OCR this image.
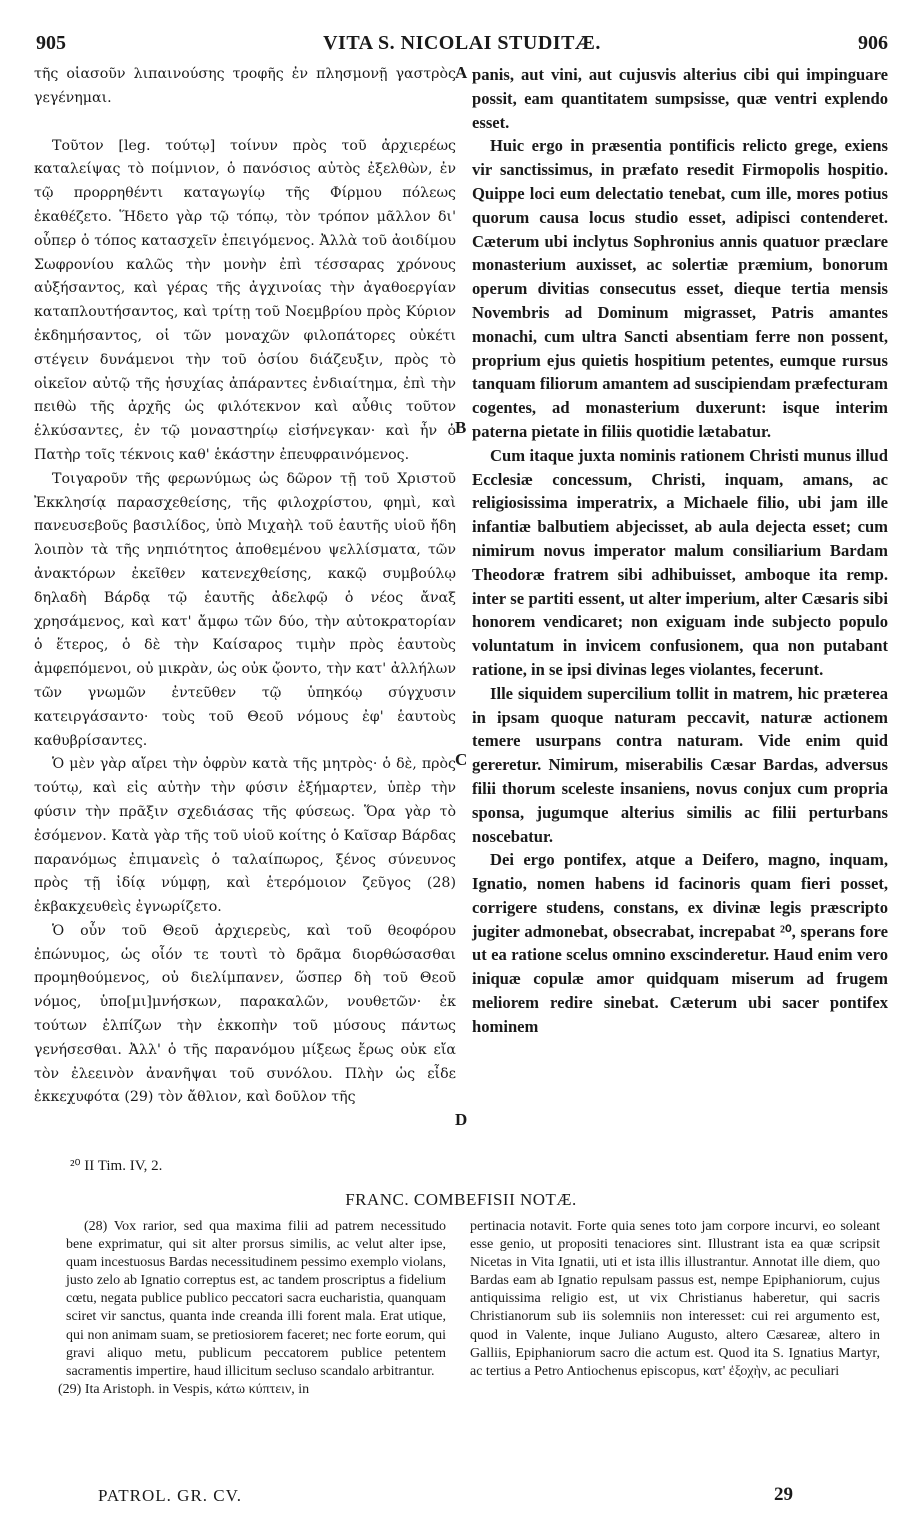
905	VITA S. NICOLAI STUDITÆ.	906

τῆς οἱασοῦν λιπαινούσης τροφῆς ἐν πλησμονῇ γαστρὸς γεγένημαι.

Τοῦτον [leg. τούτῳ] τοίνυν πρὸς τοῦ ἀρχιερέως καταλείψας τὸ ποίμνιον, ὁ πανόσιος αὐτὸς ἐξελθὼν, ἐν τῷ προρρηθέντι καταγωγίῳ τῆς Φίρμου πόλεως ἐκαθέζετο. Ἥδετο γὰρ τῷ τόπῳ, τὸν τρόπον μᾶλλον δι' οὗπερ ὁ τόπος κατασχεῖν ἐπειγόμενος. Ἀλλὰ τοῦ ἀοιδίμου Σωφρονίου καλῶς τὴν μονὴν ἐπὶ τέσσαρας χρόνους αὐξήσαντος, καὶ γέρας τῆς ἀγχινοίας τὴν ἀγαθοεργίαν καταπλουτήσαντος, καὶ τρίτῃ τοῦ Νοεμβρίου πρὸς Κύριον ἐκδημήσαντος, οἱ τῶν μοναχῶν φιλοπάτορες οὐκέτι στέγειν δυνάμενοι τὴν τοῦ ὁσίου διάζευξιν, πρὸς τὸ οἰκεῖον αὐτῷ τῆς ἡσυχίας ἀπάραντες ἐνδιαίτημα, ἐπὶ τὴν πειθὼ τῆς ἀρχῆς ὡς φιλότεκνον καὶ αὖθις τοῦτον ἑλκύσαντες, ἐν τῷ μοναστηρίῳ εἰσήνεγκαν· καὶ ἦν ὁ Πατὴρ τοῖς τέκνοις καθ' ἑκάστην ἐπευφραινόμενος.

Τοιγαροῦν τῆς φερωνύμως ὡς δῶρον τῇ τοῦ Χριστοῦ Ἐκκλησίᾳ παρασχεθείσης, τῆς φιλοχρίστου, φημὶ, καὶ πανευσεβοῦς βασιλίδος, ὑπὸ Μιχαὴλ τοῦ ἑαυτῆς υἱοῦ ἤδη λοιπὸν τὰ τῆς νηπιότητος ἀποθεμένου ψελλίσματα, τῶν ἀνακτόρων ἐκεῖθεν κατενεχθείσης, κακῷ συμβούλῳ δηλαδὴ Βάρδᾳ τῷ ἑαυτῆς ἀδελφῷ ὁ νέος ἄναξ χρησάμενος, καὶ κατ' ἄμφω τῶν δύο, τὴν αὐτοκρατορίαν ὁ ἕτερος, ὁ δὲ τὴν Καίσαρος τιμὴν πρὸς ἑαυτοὺς ἀμφεπόμενοι, οὐ μικρὰν, ὡς οὐκ ᾤοντο, τὴν κατ' ἀλλήλων τῶν γνωμῶν ἐντεῦθεν τῷ ὑπηκόῳ σύγχυσιν κατειργάσαντο· τοὺς τοῦ Θεοῦ νόμους ἐφ' ἑαυτοὺς καθυβρίσαντες.

Ὁ μὲν γὰρ αἴρει τὴν ὀφρὺν κατὰ τῆς μητρὸς· ὁ δὲ, πρὸς τούτῳ, καὶ εἰς αὐτὴν τὴν φύσιν ἐξήμαρτεν, ὑπὲρ τὴν φύσιν τὴν πρᾶξιν σχεδιάσας τῆς φύσεως. Ὅρα γὰρ τὸ ἐσόμενον. Κατὰ γὰρ τῆς τοῦ υἱοῦ κοίτης ὁ Καῖσαρ Βάρδας παρανόμως ἐπιμανεὶς ὁ ταλαίπωρος, ξένος σύνευνος πρὸς τῇ ἰδίᾳ νύμφῃ, καὶ ἑτερόμοιον ζεῦγος (28) ἐκβακχευθεὶς ἐγνωρίζετο.

Ὁ οὖν τοῦ Θεοῦ ἀρχιερεὺς, καὶ τοῦ θεοφόρου ἐπώνυμος, ὡς οἷόν τε τουτὶ τὸ δρᾶμα διορθώσασθαι προμηθούμενος, οὐ διελίμπανεν, ὥσπερ δὴ τοῦ Θεοῦ νόμος, ὑπο[μι]μνήσκων, παρακαλῶν, νουθετῶν· ἐκ τούτων ἐλπίζων τὴν ἐκκοπὴν τοῦ μύσους πάντως γενήσεσθαι. Ἀλλ' ὁ τῆς παρανόμου μίξεως ἔρως οὐκ εἴα τὸν ἐλεεινὸν ἀνανῆψαι τοῦ συνόλου. Πλὴν ὡς εἶδε ἐκκεχυφότα (29) τὸν ἄθλιον, καὶ δοῦλον τῆς

A
B
C
D

panis, aut vini, aut cujusvis alterius cibi qui impinguare possit, eam quantitatem sumpsisse, quæ ventri explendo esset.

Huic ergo in præsentia pontificis relicto grege, exiens vir sanctissimus, in præfato resedit Firmopolis hospitio. Quippe loci eum delectatio tenebat, cum ille, mores potius quorum causa locus studio esset, adipisci contenderet. Cæterum ubi inclytus Sophronius annis quatuor præclare monasterium auxisset, ac solertiæ præmium, bonorum operum divitias consecutus esset, dieque tertia mensis Novembris ad Dominum migrasset, Patris amantes monachi, cum ultra Sancti absentiam ferre non possent, proprium ejus quietis hospitium petentes, eumque rursus tanquam filiorum amantem ad suscipiendam præfecturam cogentes, ad monasterium duxerunt: isque interim paterna pietate in filiis quotidie lætabatur.

Cum itaque juxta nominis rationem Christi munus illud Ecclesiæ concessum, Christi, inquam, amans, ac religiosissima imperatrix, a Michaele filio, ubi jam ille infantiæ balbutiem abjecisset, ab aula dejecta esset; cum nimirum novus imperator malum consiliarium Bardam Theodoræ fratrem sibi adhibuisset, amboque ita remp. inter se partiti essent, ut alter imperium, alter Cæsaris sibi honorem vendicaret; non exiguam inde subjecto populo voluntatum in invicem confusionem, qua non putabant ratione, in se ipsi divinas leges violantes, fecerunt.

Ille siquidem supercilium tollit in matrem, hic præterea in ipsam quoque naturam peccavit, naturæ actionem temere usurpans contra naturam. Vide enim quid gereretur. Nimirum, miserabilis Cæsar Bardas, adversus filii thorum sceleste insaniens, novus conjux cum propria sponsa, jugumque alterius similis ac filii perturbans noscebatur.

Dei ergo pontifex, atque a Deifero, magno, inquam, Ignatio, nomen habens id facinoris quam fieri posset, corrigere studens, constans, ex divinæ legis præscripto jugiter admonebat, obsecrabat, increpabat ²⁰, sperans fore ut ea ratione scelus omnino exscinderetur. Haud enim vero iniquæ copulæ amor quidquam miserum ad frugem meliorem redire sinebat. Cæterum ubi sacer pontifex hominem

²⁰ II Tim. IV, 2.
FRANC. COMBEFISII NOTÆ.

(28) Vox rarior, sed qua maxima filii ad patrem necessitudo bene exprimatur, qui sit alter prorsus similis, ac velut alter ipse, quam incestuosus Bardas necessitudinem pessimo exemplo violans, justo zelo ab Ignatio correptus est, ac tandem proscriptus a fidelium cœtu, negata publice publico peccatori sacra eucharistia, quanquam sciret vir sanctus, quanta inde creanda illi forent mala. Erat utique, qui non animam suam, se pretiosiorem faceret; nec forte eorum, qui gravi aliquo metu, publicum peccatorem publice petentem sacramentis impertire, haud illicitum secluso scandalo arbitrantur.

(29) Ita Aristoph. in Vespis, κάτω κύπτειν, in

pertinacia notavit. Forte quia senes toto jam corpore incurvi, eo soleant esse genio, ut propositi tenaciores sint. Illustrant ista ea quæ scripsit Nicetas in Vita Ignatii, uti et ista illis illustrantur. Annotat ille diem, quo Bardas eam ab Ignatio repulsam passus est, nempe Epiphaniorum, cujus antiquissima religio est, ut vix Christianus haberetur, qui sacris Christianorum sub iis solemniis non interesset: cui rei argumento est, quod in Valente, inque Juliano Augusto, altero Cæsareæ, altero in Galliis, Epiphaniorum sacro die actum est. Quod ita S. Ignatius Martyr, ac tertius a Petro Antiochenus episcopus, κατ' ἐξοχὴν, ac peculiari

PATROL. GR. CV.	29
